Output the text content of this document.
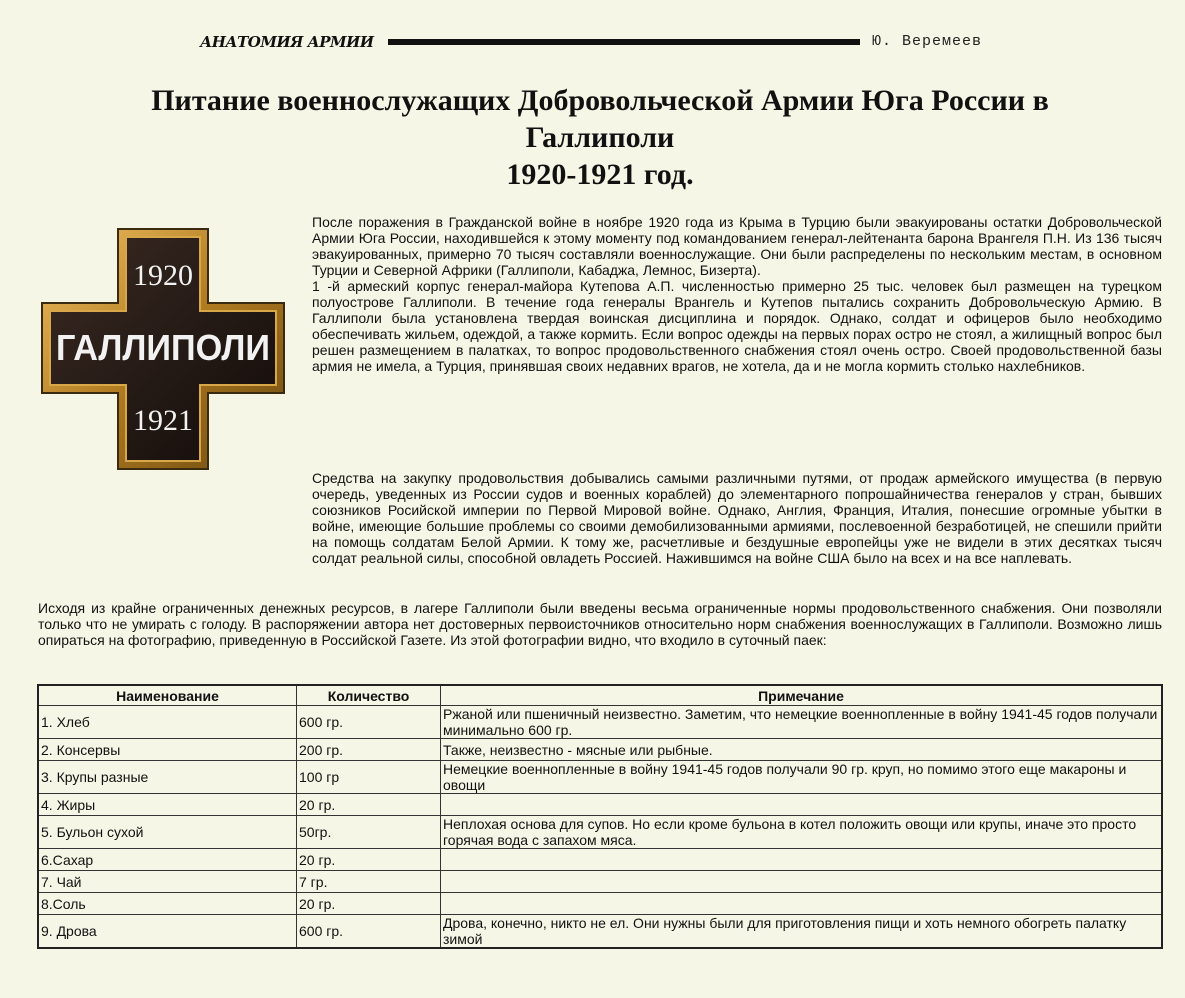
АНАТОМИЯ АРМИИ	Ю. Веремеев
Питание военнослужащих Добровольческой Армии Юга России в
Галлиполи
1920-1921 год.
1920
ГАЛЛИПОЛИ
1921

После поражения в Гражданской войне в ноябре 1920 года из Крыма в Турцию были эвакуированы остатки Добровольческой Армии Юга России, находившейся к этому моменту под командованием генерал-лейтенанта барона Врангеля П.Н. Из 136 тысяч эвакуированных, примерно 70 тысяч составляли военнослужащие. Они были распределены по нескольким местам, в основном Турции и Северной Африки (Галлиполи, Кабаджа, Лемнос, Бизерта).

1 -й армеский корпус генерал-майора Кутепова А.П. численностью примерно 25 тыс. человек был размещен на турецком полуострове Галлиполи. В течение года генералы Врангель и Кутепов пытались сохранить Добровольческую Армию. В Галлиполи была установлена твердая воинская дисциплина и порядок. Однако, солдат и офицеров было необходимо обеспечивать жильем, одеждой, а также кормить. Если вопрос одежды на первых порах остро не стоял, а жилищный вопрос был решен размещением в палатках, то вопрос продовольственного снабжения стоял очень остро. Своей продовольственной базы армия не имела, а Турция, принявшая своих недавних врагов, не хотела, да и не могла кормить столько нахлебников.

Средства на закупку продовольствия добывались самыми различными путями, от продаж армейского имущества (в первую очередь, уведенных из России судов и военных кораблей) до элементарного попрошайничества генералов у стран, бывших союзников Росийской империи по Первой Мировой войне. Однако, Англия, Франция, Италия, понесшие огромные убытки в войне, имеющие большие проблемы со своими демобилизованными армиями, послевоенной безработицей, не спешили прийти на помощь солдатам Белой Армии. К тому же, расчетливые и бездушные европейцы уже не видели в этих десятках тысяч солдат реальной силы, способной овладеть Россией. Нажившимся на войне США было на всех и на все наплевать.

Исходя из крайне ограниченных денежных ресурсов, в лагере Галлиполи были введены весьма ограниченные нормы продовольственного снабжения. Они позволяли только что не умирать с голоду. В распоряжении автора нет достоверных первоисточников относительно норм снабжения военнослужащих в Галлиполи. Возможно лишь опираться на фотографию, приведенную в Российской Газете. Из этой фотографии видно, что входило в суточный паек:

Наименование	Количество	Примечание
1. Хлеб	600 гр.	Ржаной или пшеничный неизвестно. Заметим, что немецкие военнопленные в войну 1941-45 годов получали минимально 600 гр.
2. Консервы	200 гр.	Также, неизвестно - мясные или рыбные.
3. Крупы разные	100 гр	Немецкие военнопленные в войну 1941-45 годов получали 90 гр. круп, но помимо этого еще макароны и овощи
4. Жиры	20 гр.	
5. Бульон сухой	50гр.	Неплохая основа для супов. Но если кроме бульона в котел положить овощи или крупы, иначе это просто горячая вода с запахом мяса.
6.Сахар	20 гр.	
7. Чай	7 гр.	
8.Соль	20 гр.	
9. Дрова	600 гр.	Дрова, конечно, никто не ел. Они нужны были для приготовления пищи и хоть немного обогреть палатку зимой
